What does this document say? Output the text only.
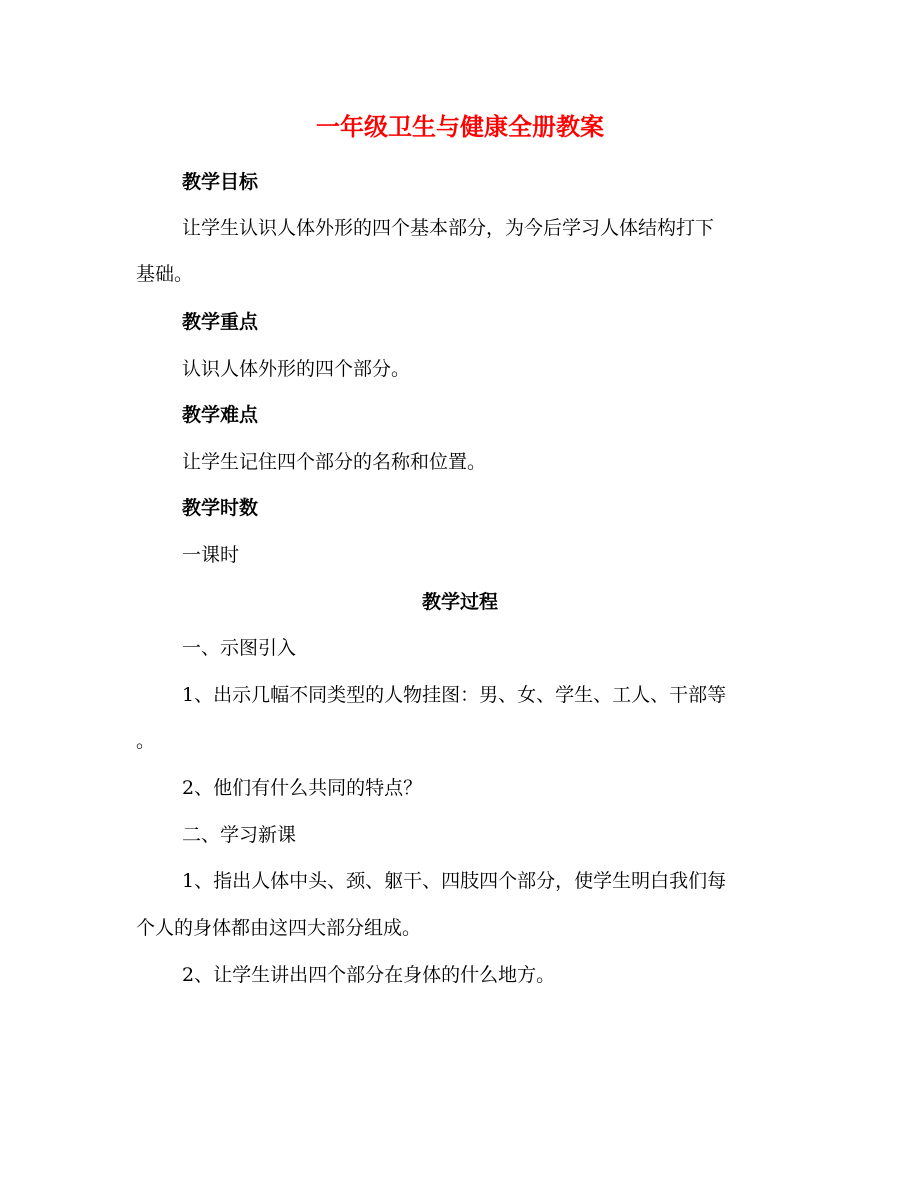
一年级卫生与健康全册教案
教学目标
让学生认识人体外形的四个基本部分，为今后学习人体结构打下
基础。
教学重点
认识人体外形的四个部分。
教学难点
让学生记住四个部分的名称和位置。
教学时数
一课时
教学过程
一、示图引入
1、出示几幅不同类型的人物挂图：男、女、学生、工人、干部等
。
2、他们有什么共同的特点？
二、学习新课
1、指出人体中头、颈、躯干、四肢四个部分，使学生明白我们每
个人的身体都由这四大部分组成。
2、让学生讲出四个部分在身体的什么地方。
